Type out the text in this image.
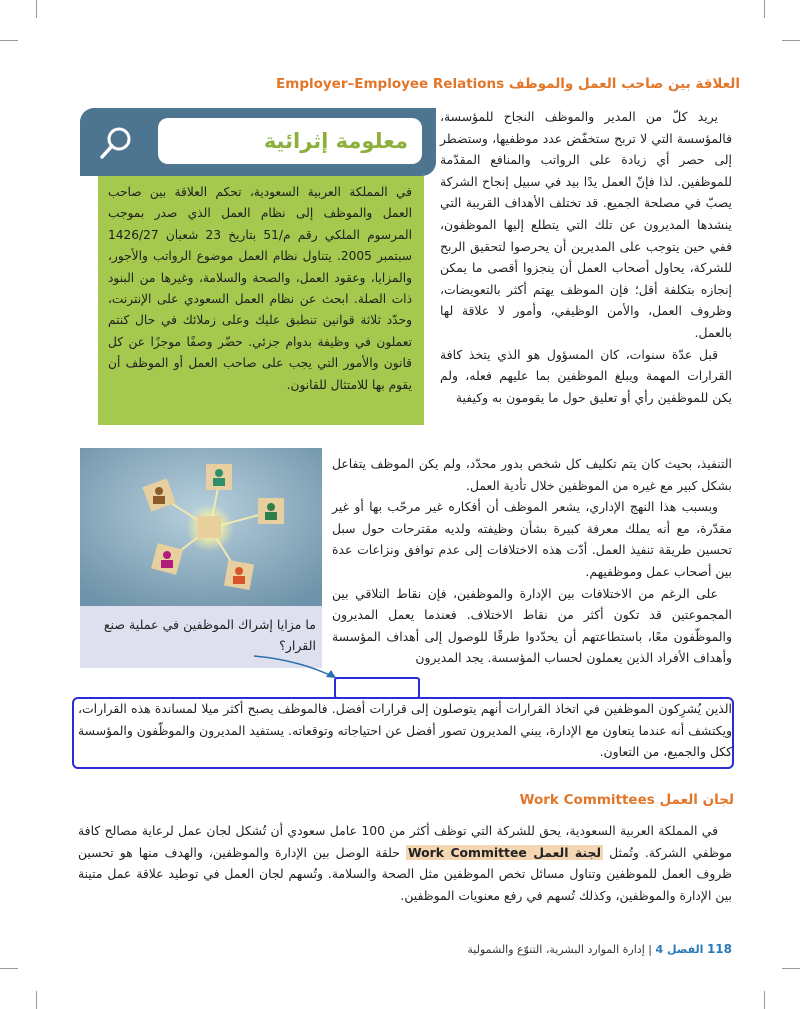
العلاقة بين صاحب العمل والموظف Employer–Employee Relations

يريد كلّ من المدير والموظف النجاح للمؤسسة، فالمؤسسة التي لا تربح ستخفّض عدد موظفيها، وستضطر إلى حصر أي زيادة على الرواتب والمنافع المقدّمة للموظفين. لذا فإنّ العمل يدًا بيد في سبيل إنجاح الشركة يصبّ في مصلحة الجميع. قد تختلف الأهداف القريبة التي ينشدها المديرون عن تلك التي يتطلع إليها الموظفون، ففي حين يتوجب على المديرين أن يحرصوا لتحقيق الربح للشركة، يحاول أصحاب العمل أن ينجزوا أقصى ما يمكن إنجازه بتكلفة أقل؛ فإن الموظف يهتم أكثر بالتعويضات، وظروف العمل، والأمن الوظيفي، وأمور لا علاقة لها بالعمل.

قبل عدّة سنوات، كان المسؤول هو الذي يتخذ كافة القرارات المهمة ويبلغ الموظفين بما عليهم فعله، ولم يكن للموظفين رأي أو تعليق حول ما يقومون به وكيفية

معلومة إثرائية
في المملكة العربية السعودية، تحكم العلاقة بين صاحب العمل والموظف إلى نظام العمل الذي صدر بموجب المرسوم الملكي رقم م/51 بتاريخ 23 شعبان 1426/27 سبتمبر 2005. يتناول نظام العمل موضوع الرواتب والأجور، والمزايا، وعقود العمل، والصحة والسلامة، وغيرها من البنود ذات الصلة. ابحث عن نظام العمل السعودي على الإنترنت، وحدّد ثلاثة قوانين تنطبق عليك وعلى زملائك في حال كنتم تعملون في وظيفة بدوام جزئي. حضّر وصفًا موجزًا عن كل قانون والأمور التي يجب على صاحب العمل أو الموظف أن يقوم بها للامتثال للقانون.
ما مزايا إشراك الموظفين في عملية صنع القرار؟

التنفيذ، بحيث كان يتم تكليف كل شخص بدور محدّد، ولم يكن الموظف يتفاعل بشكل كبير مع غيره من الموظفين خلال تأدية العمل.

وبسبب هذا النهج الإداري، يشعر الموظف أن أفكاره غير مرحّب بها أو غير مقدّرة، مع أنه يملك معرفة كبيرة بشأن وظيفته ولديه مقترحات حول سبل تحسين طريقة تنفيذ العمل. أدّت هذه الاختلافات إلى عدم توافق ونزاعات عدة بين أصحاب عمل وموظفيهم.

على الرغم من الاختلافات بين الإدارة والموظفين، فإن نقاط التلاقي بين المجموعتين قد تكون أكثر من نقاط الاختلاف. فعندما يعمل المديرون والموظّفون معًا، باستطاعتهم أن يحدّدوا طرقًا للوصول إلى أهداف المؤسسة وأهداف الأفراد الذين يعملون لحساب المؤسسة. يجد المديرون

الذين يُشرِكون الموظفين في اتخاذ القرارات أنهم يتوصلون إلى قرارات أفضل. فالموظف يصبح أكثر ميلا لمساندة هذه القرارات، ويكتشف أنه عندما يتعاون مع الإدارة، يبني المديرون تصور أفضل عن احتياجاته وتوقعاته. يستفيد المديرون والموظّفون والمؤسسة ككل والجميع، من التعاون.

لجان العمل Work Committees

في المملكة العربية السعودية، يحق للشركة التي توظف أكثر من 100 عامل سعودي أن تُشكل لجان عمل لرعاية مصالح كافة موظفي الشركة. وتُمثل لجنة العمل Work Committee حلقة الوصل بين الإدارة والموظفين، والهدف منها هو تحسين ظروف العمل للموظفين وتناول مسائل تخص الموظفين مثل الصحة والسلامة. وتُسهم لجان العمل في توطيد علاقة عمل متينة بين الإدارة والموظفين، وكذلك تُسهم في رفع معنويات الموظفين.

118 الفصل 4 | إدارة الموارد البشرية، التنوّع والشمولية
